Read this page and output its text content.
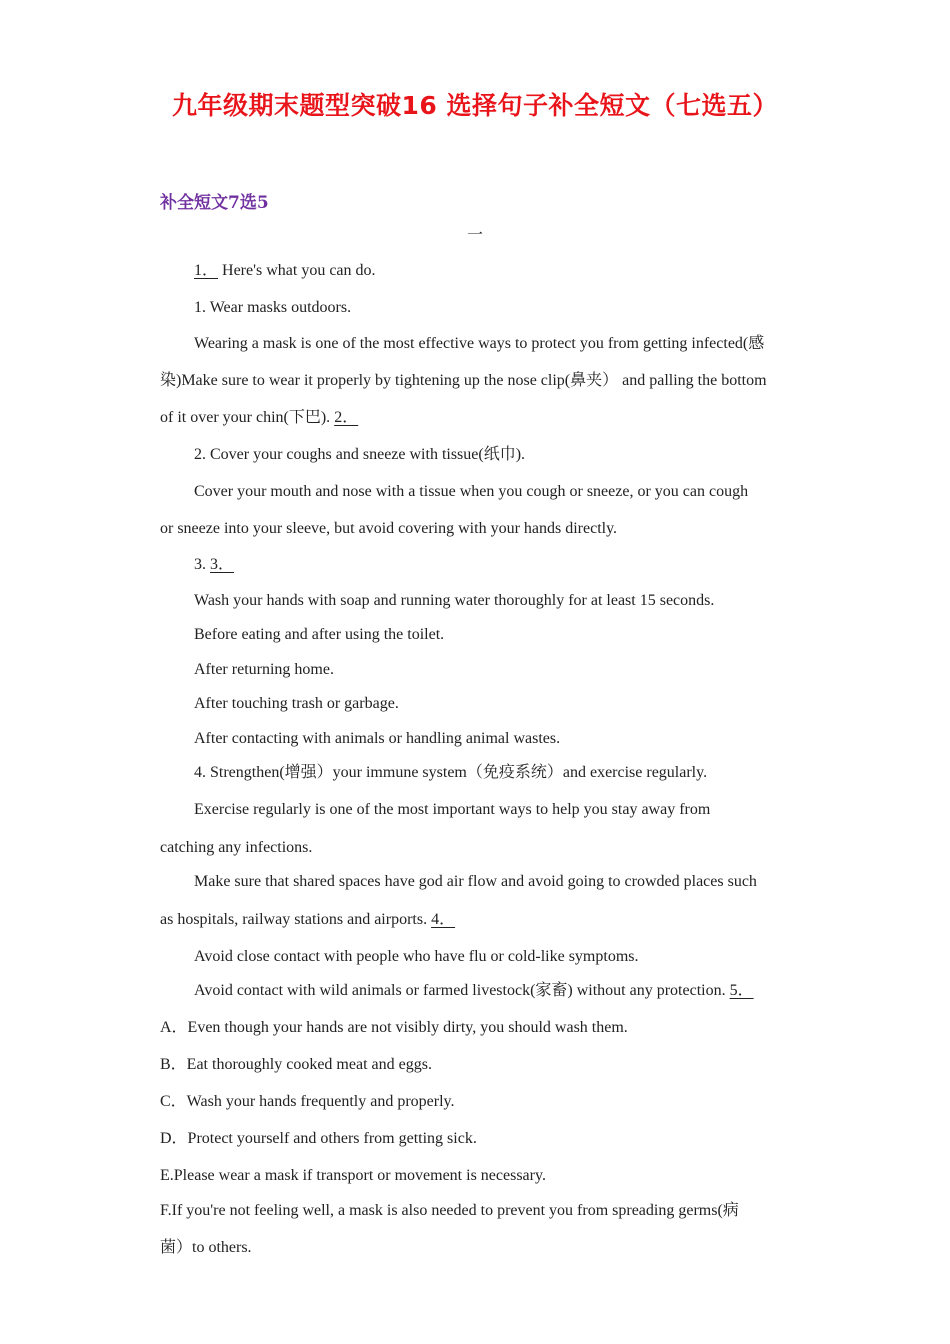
九年级期末题型突破16 选择句子补全短文（七选五）
补全短文7选5
一
1． Here's what you can do.
1. Wear masks outdoors.
Wearing a mask is one of the most effective ways to protect you from getting infected(感
染)Make sure to wear it properly by tightening up the nose clip(鼻夹） and palling the bottom
of it over your chin(下巴). 2．
2. Cover your coughs and sneeze with tissue(纸巾).
Cover your mouth and nose with a tissue when you cough or sneeze, or you can cough
or sneeze into your sleeve, but avoid covering with your hands directly.
3. 3．
Wash your hands with soap and running water thoroughly for at least 15 seconds.
Before eating and after using the toilet.
After returning home.
After touching trash or garbage.
After contacting with animals or handling animal wastes.
4. Strengthen(增强）your immune system（免疫系统）and exercise regularly.
Exercise regularly is one of the most important ways to help you stay away from
catching any infections.
Make sure that shared spaces have god air flow and avoid going to crowded places such
as hospitals, railway stations and airports. 4．
Avoid close contact with people who have flu or cold-like symptoms.
Avoid contact with wild animals or farmed livestock(家畜) without any protection. 5．
A．Even though your hands are not visibly dirty, you should wash them.
B．Eat thoroughly cooked meat and eggs.
C．Wash your hands frequently and properly.
D．Protect yourself and others from getting sick.
E.Please wear a mask if transport or movement is necessary.
F.If you're not feeling well, a mask is also needed to prevent you from spreading germs(病
菌）to others.
